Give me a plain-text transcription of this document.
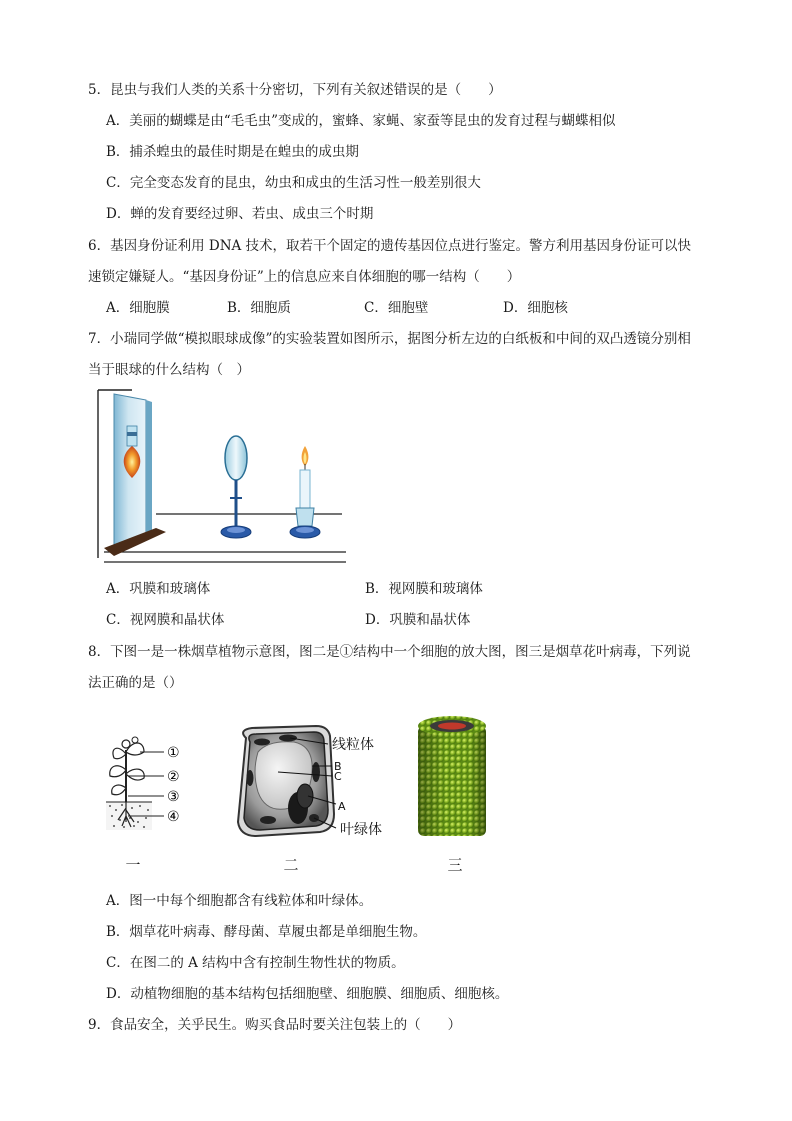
5．昆虫与我们人类的关系十分密切，下列有关叙述错误的是（　　）
A．美丽的蝴蝶是由“毛毛虫”变成的，蜜蜂、家蝇、家蚕等昆虫的发育过程与蝴蝶相似
B．捕杀蝗虫的最佳时期是在蝗虫的成虫期
C．完全变态发育的昆虫，幼虫和成虫的生活习性一般差别很大
D．蝉的发育要经过卵、若虫、成虫三个时期
6．基因身份证利用 DNA 技术，取若干个固定的遗传基因位点进行鉴定。警方利用基因身份证可以快
速锁定嫌疑人。“基因身份证”上的信息应来自体细胞的哪一结构（　　）
A．细胞膜	B．细胞质	C．细胞壁	D．细胞核
7．小瑞同学做“模拟眼球成像”的实验装置如图所示，据图分析左边的白纸板和中间的双凸透镜分别相
当于眼球的什么结构（　）
A．巩膜和玻璃体	B．视网膜和玻璃体
C．视网膜和晶状体	D．巩膜和晶状体
8．下图一是一株烟草植物示意图，图二是①结构中一个细胞的放大图，图三是烟草花叶病毒，下列说
法正确的是（）
①
②
③
④
线粒体
B
C
A
叶绿体
一	二	三
A．图一中每个细胞都含有线粒体和叶绿体。
B．烟草花叶病毒、酵母菌、草履虫都是单细胞生物。
C．在图二的 A 结构中含有控制生物性状的物质。
D．动植物细胞的基本结构包括细胞壁、细胞膜、细胞质、细胞核。
9．食品安全，关乎民生。购买食品时要关注包装上的（　　）
